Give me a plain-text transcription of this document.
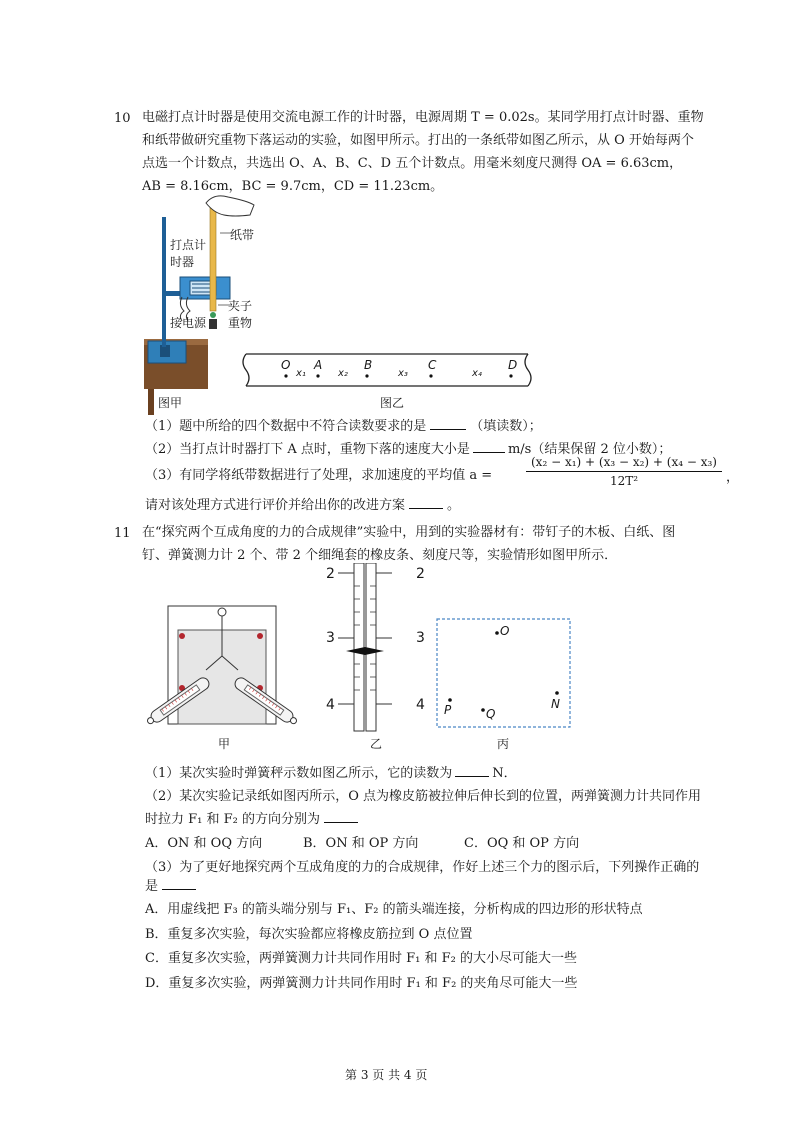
10 电磁打点计时器是使用交流电源工作的计时器，电源周期 T = 0.02s。某同学用打点计时器、重物
和纸带做研究重物下落运动的实验，如图甲所示。打出的一条纸带如图乙所示，从 O 开始每两个
点选一个计数点，共选出 O、A、B、C、D 五个计数点。用毫米刻度尺测得 OA = 6.63cm，
AB = 8.16cm，BC = 9.7cm，CD = 11.23cm。
打点计
时器
纸带
夹子
接电源 重物
图甲
O A	B	C	D
x₁	x₂	x₃	x₄
图乙
（1）题中所给的四个数据中不符合读数要求的是	（填读数）；
（2）当打点计时器打下 A 点时，重物下落的速度大小是	m/s（结果保留 2 位小数）；
（3）有同学将纸带数据进行了处理，求加速度的平均值 a =	$\frac{\text{(x₂ − x₁) + (x₃ − x₂) + (x₄ − x₃)}}{\text{12T²}}$ ，
请对该处理方式进行评价并给出你的改进方案	。
11 在“探究两个互成角度的力的合成规律”实验中，用到的实验器材有：带钉子的木板、白纸、图
钉、弹簧测力计 2 个、带 2 个细绳套的橡皮条、刻度尺等，实验情形如图甲所示．
甲
2
3
4
2
3
4
乙
O
P	Q
N
丙
（1）某次实验时弹簧秤示数如图乙所示，它的读数为	N．
（2）某次实验记录纸如图丙所示，O 点为橡皮筋被拉伸后伸长到的位置，两弹簧测力计共同作用
时拉力 F₁ 和 F₂ 的方向分别为
A．ON 和 OQ 方向	B．ON 和 OP 方向	C．OQ 和 OP 方向
（3）为了更好地探究两个互成角度的力的合成规律，作好上述三个力的图示后，下列操作正确的
是
A．用虚线把 F₃ 的箭头端分别与 F₁、F₂ 的箭头端连接，分析构成的四边形的形状特点
B．重复多次实验，每次实验都应将橡皮筋拉到 O 点位置
C．重复多次实验，两弹簧测力计共同作用时 F₁ 和 F₂ 的大小尽可能大一些
D．重复多次实验，两弹簧测力计共同作用时 F₁ 和 F₂ 的夹角尽可能大一些
第 3 页 共 4 页
